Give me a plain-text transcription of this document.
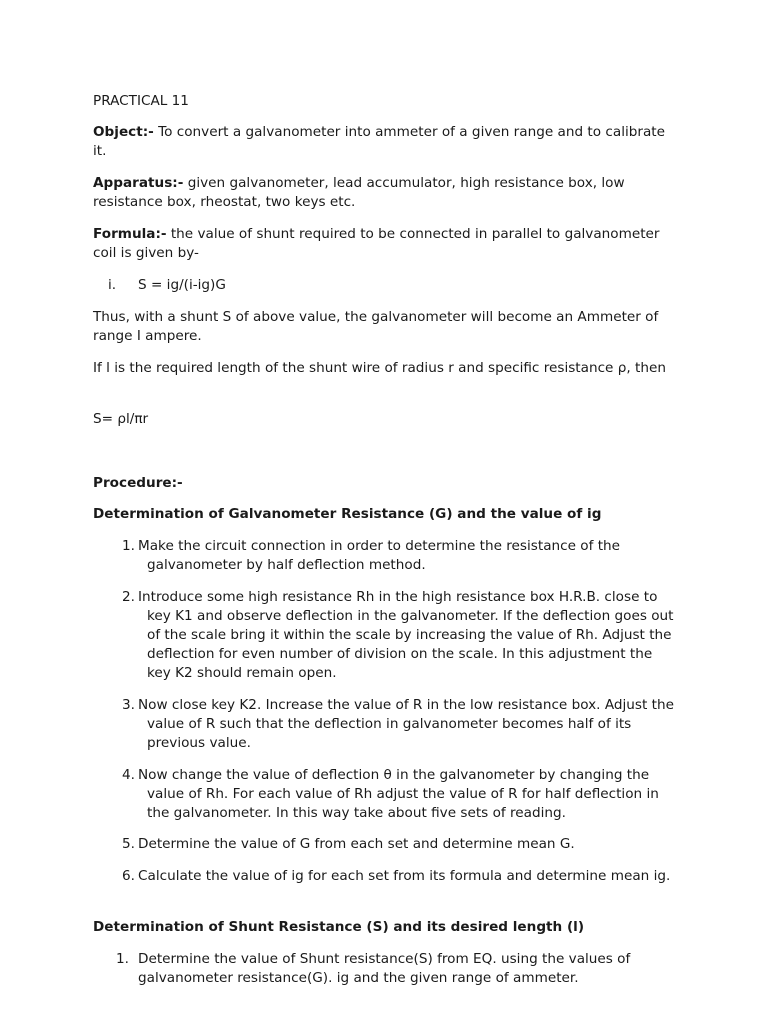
PRACTICAL 11

Object:- To convert a galvanometer into ammeter of a given range and to calibrate it.

Apparatus:- given galvanometer, lead accumulator, high resistance box, low resistance box, rheostat, two keys etc.

Formula:- the value of shunt required to be connected in parallel to galvanometer coil is given by-

i. S = ig/(i-ig)G

Thus, with a shunt S of above value, the galvanometer will become an Ammeter of range I ampere.

If l is the required length of the shunt wire of radius r and specific resistance ρ, then

S= ρl/πr

Procedure:-

Determination of Galvanometer Resistance (G) and the value of ig

1. Make the circuit connection in order to determine the resistance of the galvanometer by half deflection method.
2. Introduce some high resistance Rh in the high resistance box H.R.B. close to key K1 and observe deflection in the galvanometer. If the deflection goes out of the scale bring it within the scale by increasing the value of Rh. Adjust the deflection for even number of division on the scale. In this adjustment the key K2 should remain open.
3. Now close key K2. Increase the value of R in the low resistance box. Adjust the value of R such that the deflection in galvanometer becomes half of its previous value.
4. Now change the value of deflection θ in the galvanometer by changing the value of Rh. For each value of Rh adjust the value of R for half deflection in the galvanometer. In this way take about five sets of reading.
5. Determine the value of G from each set and determine mean G.
6. Calculate the value of ig for each set from its formula and determine mean ig.

Determination of Shunt Resistance (S) and its desired length (l)

1. Determine the value of Shunt resistance(S) from EQ. using the values of galvanometer resistance(G). ig and the given range of ammeter.
